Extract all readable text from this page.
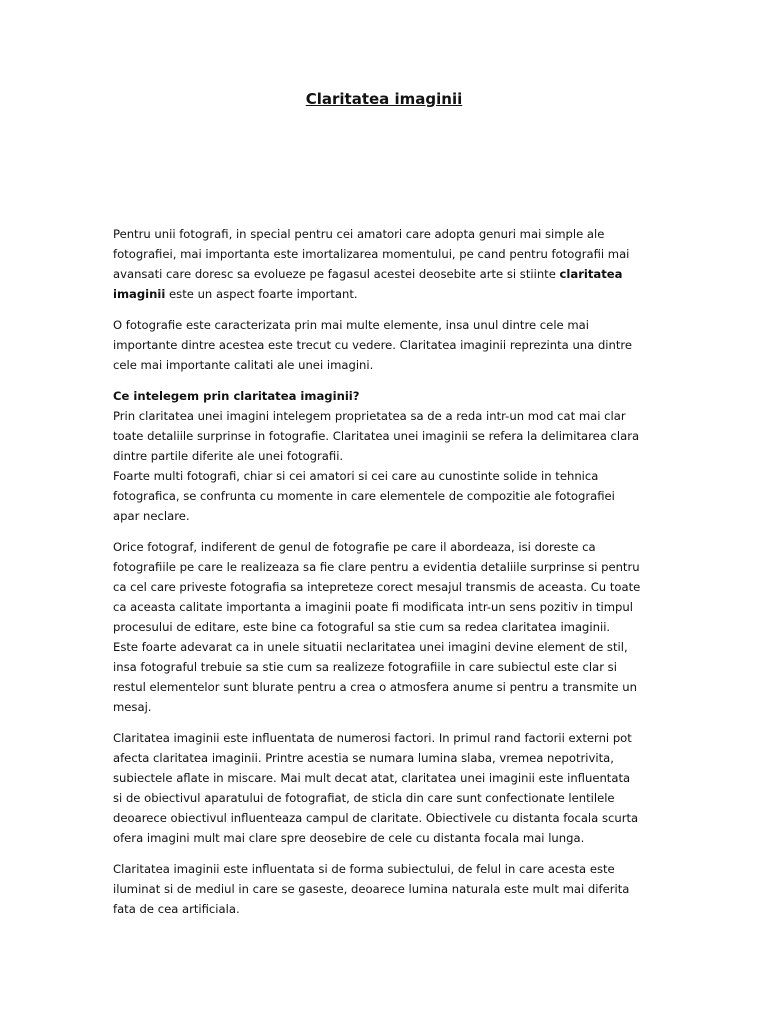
Claritatea imaginii

Pentru unii fotografi, in special pentru cei amatori care adopta genuri mai simple ale fotografiei, mai importanta este imortalizarea momentului, pe cand pentru fotografii mai avansati care doresc sa evolueze pe fagasul acestei deosebite arte si stiinte claritatea imaginii este un aspect foarte important.

O fotografie este caracterizata prin mai multe elemente, insa unul dintre cele mai importante dintre acestea este trecut cu vedere. Claritatea imaginii reprezinta una dintre cele mai importante calitati ale unei imagini.

Ce intelegem prin claritatea imaginii?
Prin claritatea unei imagini intelegem proprietatea sa de a reda intr-un mod cat mai clar toate detaliile surprinse in fotografie. Claritatea unei imaginii se refera la delimitarea clara dintre partile diferite ale unei fotografii.

Foarte multi fotografi, chiar si cei amatori si cei care au cunostinte solide in tehnica fotografica, se confrunta cu momente in care elementele de compozitie ale fotografiei apar neclare.

Orice fotograf, indiferent de genul de fotografie pe care il abordeaza, isi doreste ca fotografiile pe care le realizeaza sa fie clare pentru a evidentia detaliile surprinse si pentru ca cel care priveste fotografia sa intepreteze corect mesajul transmis de aceasta. Cu toate ca aceasta calitate importanta a imaginii poate fi modificata intr-un sens pozitiv in timpul procesului de editare, este bine ca fotograful sa stie cum sa redea claritatea imaginii.

Este foarte adevarat ca in unele situatii neclaritatea unei imagini devine element de stil, insa fotograful trebuie sa stie cum sa realizeze fotografiile in care subiectul este clar si restul elementelor sunt blurate pentru a crea o atmosfera anume si pentru a transmite un mesaj.

Claritatea imaginii este influentata de numerosi factori. In primul rand factorii externi pot afecta claritatea imaginii. Printre acestia se numara lumina slaba, vremea nepotrivita, subiectele aflate in miscare. Mai mult decat atat, claritatea unei imaginii este influentata si de obiectivul aparatului de fotografiat, de sticla din care sunt confectionate lentilele deoarece obiectivul influenteaza campul de claritate. Obiectivele cu distanta focala scurta ofera imagini mult mai clare spre deosebire de cele cu distanta focala mai lunga.

Claritatea imaginii este influentata si de forma subiectului, de felul in care acesta este iluminat si de mediul in care se gaseste, deoarece lumina naturala este mult mai diferita fata de cea artificiala.
